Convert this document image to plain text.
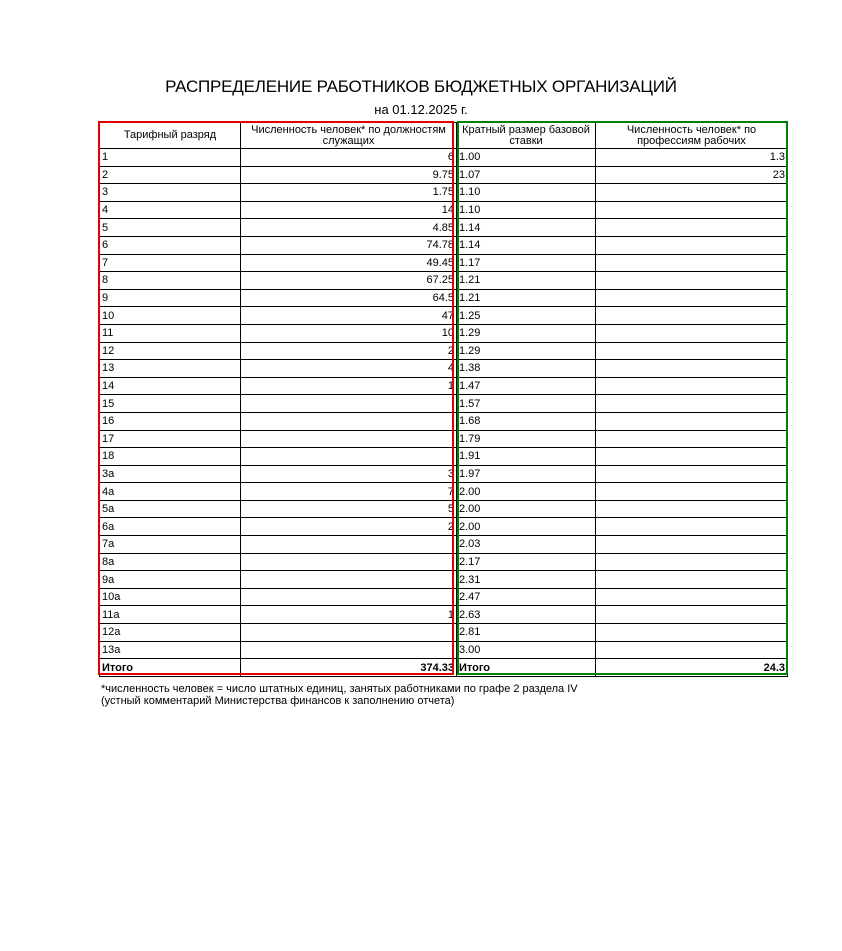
РАСПРЕДЕЛЕНИЕ РАБОТНИКОВ БЮДЖЕТНЫХ ОРГАНИЗАЦИЙ
на 01.12.2025 г.
Тарифный разряд	Численность человек* по должностям служащих	Кратный размер базовой ставки	Численность человек* по профессиям рабочих
1	6	1.00	1.3
2	9.75	1.07	23
3	1.75	1.10	
4	14	1.10	
5	4.85	1.14	
6	74.78	1.14	
7	49.45	1.17	
8	67.25	1.21	
9	64.5	1.21	
10	47	1.25	
11	10	1.29	
12	2	1.29	
13	4	1.38	
14	1	1.47	
15		1.57	
16		1.68	
17		1.79	
18		1.91	
3а	3	1.97	
4а	7	2.00	
5а	5	2.00	
6а	2	2.00	
7а		2.03	
8а		2.17	
9а		2.31	
10а		2.47	
11а	1	2.63	
12а		2.81	
13а		3.00	
Итого	374.33	Итого	24.3
*численность человек = число штатных единиц, занятых работниками по графе 2 раздела IV
(устный комментарий Министерства финансов к заполнению отчета)
